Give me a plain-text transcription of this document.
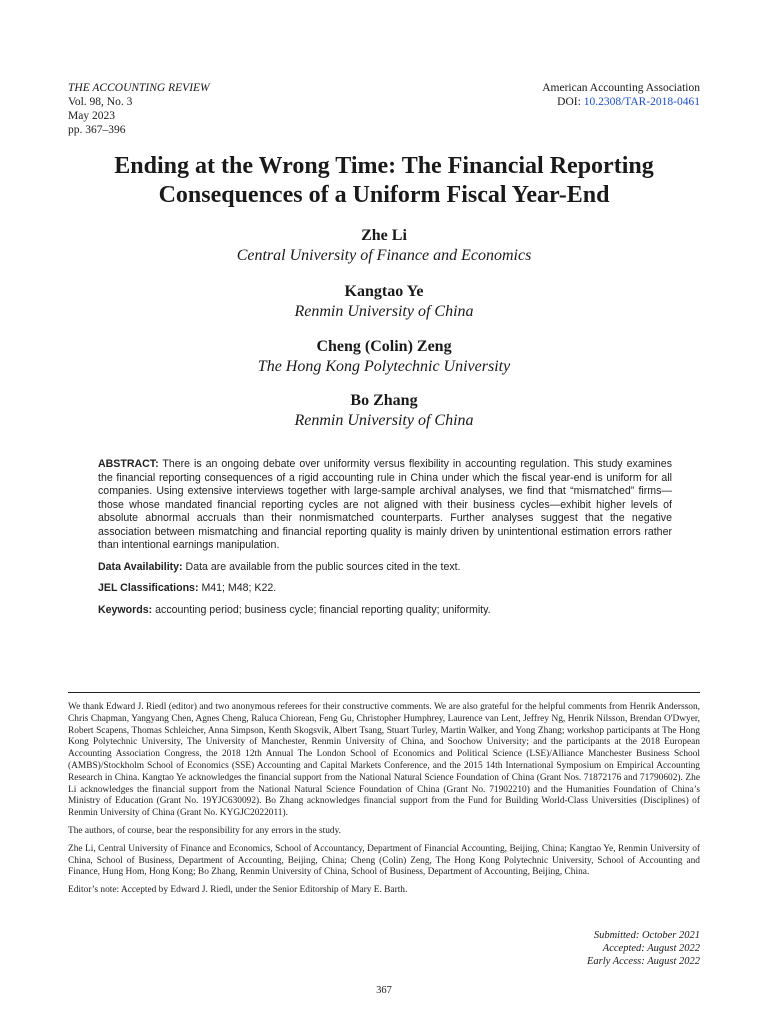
THE ACCOUNTING REVIEW
Vol. 98, No. 3
May 2023
pp. 367–396
American Accounting Association
DOI: 10.2308/TAR-2018-0461
Ending at the Wrong Time: The Financial Reporting
Consequences of a Uniform Fiscal Year-End
Zhe Li
Central University of Finance and Economics
Kangtao Ye
Renmin University of China
Cheng (Colin) Zeng
The Hong Kong Polytechnic University
Bo Zhang
Renmin University of China

ABSTRACT: There is an ongoing debate over uniformity versus flexibility in accounting regulation. This study examines the financial reporting consequences of a rigid accounting rule in China under which the fiscal year-end is uniform for all companies. Using extensive interviews together with large-sample archival analyses, we find that “mismatched” firms—those whose mandated financial reporting cycles are not aligned with their business cycles—exhibit higher levels of absolute abnormal accruals than their nonmismatched counterparts. Further analyses suggest that the negative association between mismatching and financial reporting quality is mainly driven by unintentional estimation errors rather than intentional earnings manipulation.

Data Availability: Data are available from the public sources cited in the text.

JEL Classifications: M41; M48; K22.

Keywords: accounting period; business cycle; financial reporting quality; uniformity.

We thank Edward J. Riedl (editor) and two anonymous referees for their constructive comments. We are also grateful for the helpful comments from Henrik Andersson, Chris Chapman, Yangyang Chen, Agnes Cheng, Raluca Chiorean, Feng Gu, Christopher Humphrey, Laurence van Lent, Jeffrey Ng, Henrik Nilsson, Brendan O'Dwyer, Robert Scapens, Thomas Schleicher, Anna Simpson, Kenth Skogsvik, Albert Tsang, Stuart Turley, Martin Walker, and Yong Zhang; workshop participants at The Hong Kong Polytechnic University, The University of Manchester, Renmin University of China, and Soochow University; and the participants at the 2018 European Accounting Association Congress, the 2018 12th Annual The London School of Economics and Political Science (LSE)/Alliance Manchester Business School (AMBS)/Stockholm School of Economics (SSE) Accounting and Capital Markets Conference, and the 2015 14th International Symposium on Empirical Accounting Research in China. Kangtao Ye acknowledges the financial support from the National Natural Science Foundation of China (Grant Nos. 71872176 and 71790602). Zhe Li acknowledges the financial support from the National Natural Science Foundation of China (Grant No. 71902210) and the Humanities Foundation of China’s Ministry of Education (Grant No. 19YJC630092). Bo Zhang acknowledges financial support from the Fund for Building World-Class Universities (Disciplines) of Renmin University of China (Grant No. KYGJC2022011).

The authors, of course, bear the responsibility for any errors in the study.

Zhe Li, Central University of Finance and Economics, School of Accountancy, Department of Financial Accounting, Beijing, China; Kangtao Ye, Renmin University of China, School of Business, Department of Accounting, Beijing, China; Cheng (Colin) Zeng, The Hong Kong Polytechnic University, School of Accounting and Finance, Hung Hom, Hong Kong; Bo Zhang, Renmin University of China, School of Business, Department of Accounting, Beijing, China.

Editor’s note: Accepted by Edward J. Riedl, under the Senior Editorship of Mary E. Barth.

Submitted: October 2021
Accepted: August 2022
Early Access: August 2022
367
